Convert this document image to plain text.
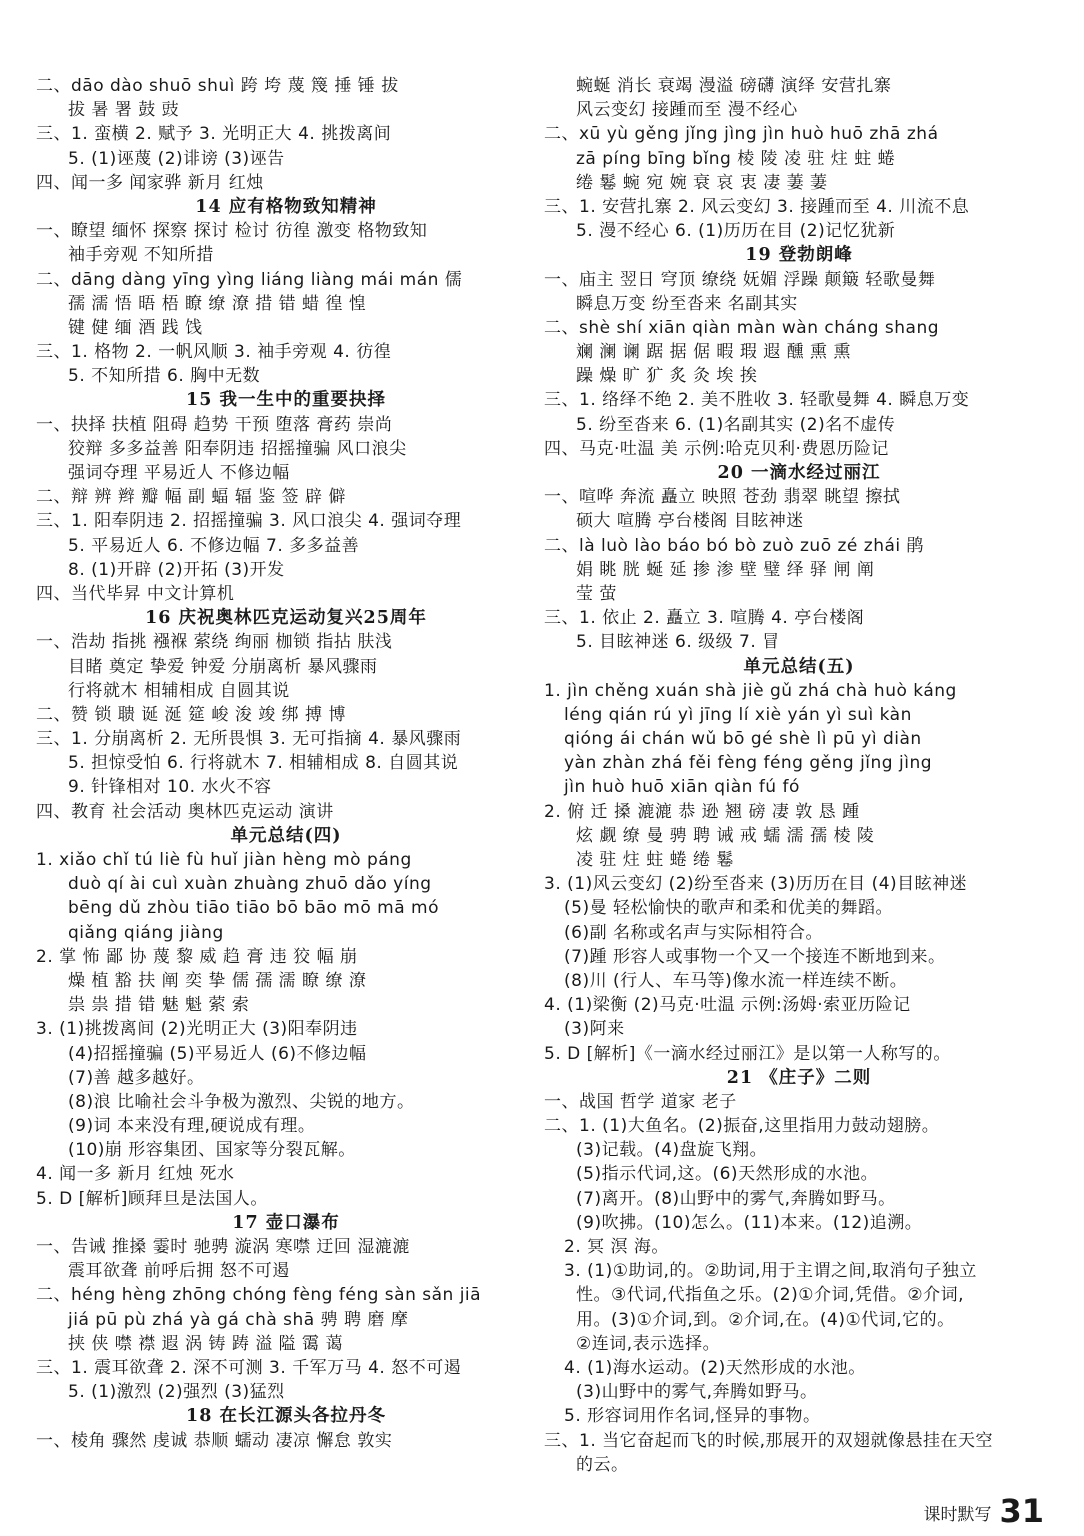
二、dāo dào shuō shuì 跨 垮 蔑 篾 捶 锤 拔
拔 暑 署 鼓 豉
三、1. 蛮横 2. 赋予 3. 光明正大 4. 挑拨离间
5. (1)诬蔑 (2)诽谤 (3)诬告
四、闻一多 闻家骅 新月 红烛
14 应有格物致知精神
一、瞭望 缅怀 探察 探讨 检讨 彷徨 激变 格物致知
袖手旁观 不知所措
二、dāng dàng yīng yìng liáng liàng mái mán 儒
孺 濡 悟 晤 梧 瞭 缭 潦 措 错 蜡 徨 惶
键 健 缅 酒 践 饯
三、1. 格物 2. 一帆风顺 3. 袖手旁观 4. 彷徨
5. 不知所措 6. 胸中无数
15 我一生中的重要抉择
一、抉择 扶植 阻碍 趋势 干预 堕落 膏药 崇尚
狡辩 多多益善 阳奉阴违 招摇撞骗 风口浪尖
强词夺理 平易近人 不修边幅
二、辩 辨 辫 瓣 幅 副 蝠 辐 鉴 签 辟 僻
三、1. 阳奉阴违 2. 招摇撞骗 3. 风口浪尖 4. 强词夺理
5. 平易近人 6. 不修边幅 7. 多多益善
8. (1)开辟 (2)开拓 (3)开发
四、当代毕昇 中文计算机
16 庆祝奥林匹克运动复兴25周年
一、浩劫 指挑 襁褓 萦绕 绚丽 枷锁 指拈 肤浅
目睹 奠定 挚爱 钟爱 分崩离析 暴风骤雨
行将就木 相辅相成 自圆其说
二、赞 锁 聩 诞 涎 筵 峻 浚 竣 绑 搏 博
三、1. 分崩离析 2. 无所畏惧 3. 无可指摘 4. 暴风骤雨
5. 担惊受怕 6. 行将就木 7. 相辅相成 8. 自圆其说
9. 针锋相对 10. 水火不容
四、教育 社会活动 奥林匹克运动 演讲
单元总结(四)
1. xiǎo chǐ tú liè fù huǐ jiàn hèng mò páng
duò qí ài cuì xuàn zhuàng zhuō dǎo yíng
bēng dǔ zhòu tiāo tiāo bō bāo mō mā mó
qiǎng qiáng jiàng
2. 掌 怖 鄙 协 蔑 黎 威 趋 膏 违 狡 幅 崩
燥 植 豁 扶 阐 奕 挚 儒 孺 濡 瞭 缭 潦
祟 祟 措 错 魅 魁 萦 索
3. (1)挑拨离间 (2)光明正大 (3)阳奉阴违
(4)招摇撞骗 (5)平易近人 (6)不修边幅
(7)善 越多越好。
(8)浪 比喻社会斗争极为激烈、尖锐的地方。
(9)词 本来没有理,硬说成有理。
(10)崩 形容集团、国家等分裂瓦解。
4. 闻一多 新月 红烛 死水
5. D [解析]顾拜旦是法国人。
17 壶口瀑布
一、告诫 推搡 霎时 驰骋 漩涡 寒噤 迂回 湿漉漉
震耳欲聋 前呼后拥 怒不可遏
二、héng hèng zhōng chóng fèng féng sàn sǎn jiā
jiá pū pù zhá yà gá chà shā 骋 聘 磨 摩
挟 侠 噤 襟 遐 涡 铸 踌 溢 隘 霭 蔼
三、1. 震耳欲聋 2. 深不可测 3. 千军万马 4. 怒不可遏
5. (1)激烈 (2)强烈 (3)猛烈
18 在长江源头各拉丹冬
一、棱角 骤然 虔诚 恭顺 蠕动 凄凉 懈怠 敦实
蜿蜒 消长 衰竭 漫溢 磅礴 演绎 安营扎寨
风云变幻 接踵而至 漫不经心
二、xū yù gěng jǐng jìng jìn huò huō zhā zhá
zā píng bīng bǐng 棱 陵 凌 驻 炷 蛀 蜷
绻 鬈 蜿 宛 婉 衰 哀 衷 凄 萋 萋
三、1. 安营扎寨 2. 风云变幻 3. 接踵而至 4. 川流不息
5. 漫不经心 6. (1)历历在目 (2)记忆犹新
19 登勃朗峰
一、庙主 翌日 穹顶 缭绕 妩媚 浮躁 颠簸 轻歌曼舞
瞬息万变 纷至沓来 名副其实
二、shè shí xiān qiàn màn wàn cháng shang
斓 澜 谰 踞 据 倨 暇 瑕 遐 醺 熏 熏
躁 燥 旷 犷 炙 灸 埃 挨
三、1. 络绎不绝 2. 美不胜收 3. 轻歌曼舞 4. 瞬息万变
5. 纷至沓来 6. (1)名副其实 (2)名不虚传
四、马克·吐温 美 示例:哈克贝利·费恩历险记
20 一滴水经过丽江
一、喧哗 奔流 矗立 映照 苍劲 翡翠 眺望 擦拭
硕大 喧腾 亭台楼阁 目眩神迷
二、là luò lào báo bó bò zuò zuō zé zhái 鹃
娟 眺 胱 蜒 延 掺 渗 壁 璧 绎 驿 闸 阐
莹 萤
三、1. 依止 2. 矗立 3. 喧腾 4. 亭台楼阁
5. 目眩神迷 6. 级级 7. 冒
单元总结(五)
1. jìn chěng xuán shà jiè gǔ zhá chà huò káng
léng qián rú yì jīng lí xiè yán yì suì kàn
qióng ái chán wǔ bō gé shè lì pū yì diàn
yàn zhàn zhá fěi fèng féng gěng jǐng jìng
jìn huò huō xiān qiàn fú fó
2. 俯 迁 搡 漉漉 恭 逊 翘 磅 凄 敦 恳 踵
炫 觑 缭 曼 骋 聘 诫 戒 蠕 濡 孺 棱 陵
凌 驻 炷 蛀 蜷 绻 鬈
3. (1)风云变幻 (2)纷至沓来 (3)历历在目 (4)目眩神迷
(5)曼 轻松愉快的歌声和柔和优美的舞蹈。
(6)副 名称或名声与实际相符合。
(7)踵 形容人或事物一个又一个接连不断地到来。
(8)川 (行人、车马等)像水流一样连续不断。
4. (1)梁衡 (2)马克·吐温 示例:汤姆·索亚历险记
(3)阿来
5. D [解析]《一滴水经过丽江》是以第一人称写的。
21 《庄子》二则
一、战国 哲学 道家 老子
二、1. (1)大鱼名。(2)振奋,这里指用力鼓动翅膀。
(3)记载。(4)盘旋飞翔。
(5)指示代词,这。(6)天然形成的水池。
(7)离开。(8)山野中的雾气,奔腾如野马。
(9)吹拂。(10)怎么。(11)本来。(12)追溯。
2. 冥 溟 海。
3. (1)①助词,的。②助词,用于主谓之间,取消句子独立
性。③代词,代指鱼之乐。(2)①介词,凭借。②介词,
用。(3)①介词,到。②介词,在。(4)①代词,它的。
②连词,表示选择。
4. (1)海水运动。(2)天然形成的水池。
(3)山野中的雾气,奔腾如野马。
5. 形容词用作名词,怪异的事物。
三、1. 当它奋起而飞的时候,那展开的双翅就像悬挂在天空
的云。
课时默写 31
